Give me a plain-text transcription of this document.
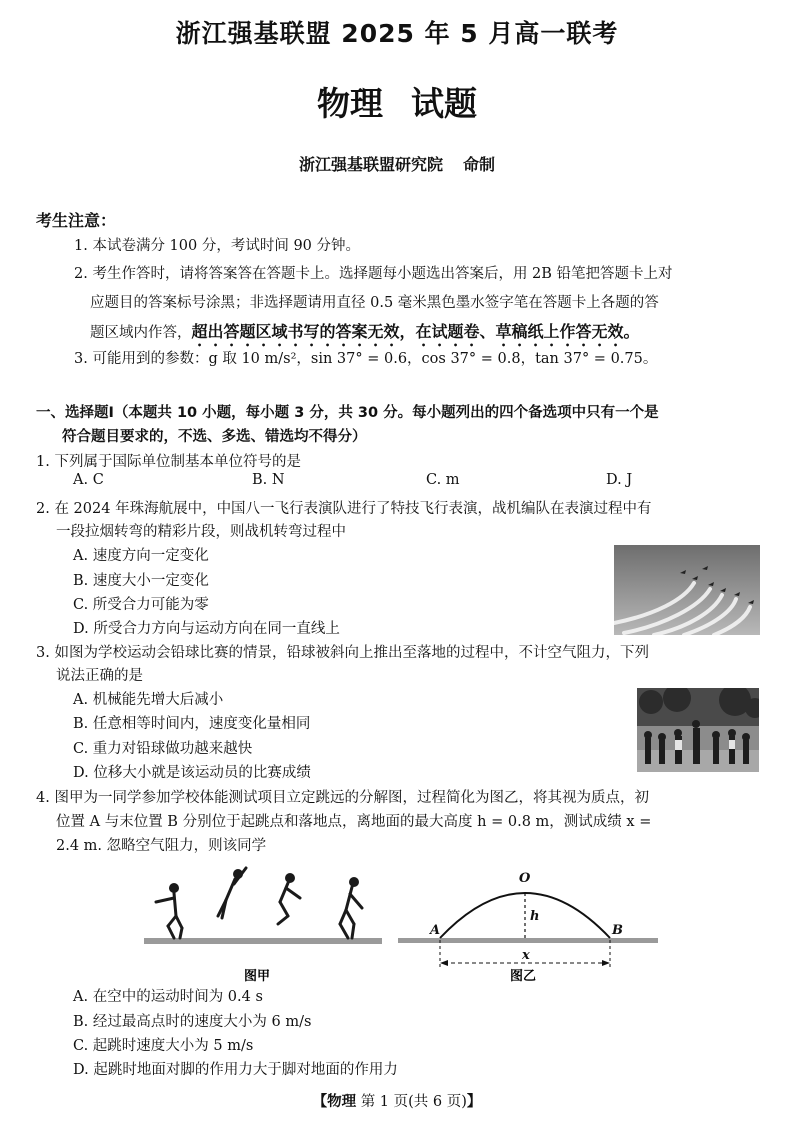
浙江强基联盟 2025 年 5 月高一联考
物理 试题
浙江强基联盟研究院 命制
考生注意：
1. 本试卷满分 100 分，考试时间 90 分钟。
2. 考生作答时，请将答案答在答题卡上。选择题每小题选出答案后，用 2B 铅笔把答题卡上对
应题目的答案标号涂黑；非选择题请用直径 0.5 毫米黑色墨水签字笔在答题卡上各题的答
题区域内作答，超出答题区域书写的答案无效，在试题卷、草稿纸上作答无效。
3. 可能用到的参数：g 取 10 m/s²，sin 37° = 0.6，cos 37° = 0.8，tan 37° = 0.75。
一、选择题Ⅰ（本题共 10 小题，每小题 3 分，共 30 分。每小题列出的四个备选项中只有一个是
符合题目要求的，不选、多选、错选均不得分）
1. 下列属于国际单位制基本单位符号的是
A. C	B. N	C. m	D. J
2. 在 2024 年珠海航展中，中国八一飞行表演队进行了特技飞行表演，战机编队在表演过程中有
一段拉烟转弯的精彩片段，则战机转弯过程中
A. 速度方向一定变化
B. 速度大小一定变化
C. 所受合力可能为零
D. 所受合力方向与运动方向在同一直线上
3. 如图为学校运动会铅球比赛的情景，铅球被斜向上推出至落地的过程中，不计空气阻力，下列
说法正确的是
A. 机械能先增大后减小
B. 任意相等时间内，速度变化量相同
C. 重力对铅球做功越来越快
D. 位移大小就是该运动员的比赛成绩
4. 图甲为一同学参加学校体能测试项目立定跳远的分解图，过程简化为图乙，将其视为质点，初
位置 A 与末位置 B 分别位于起跳点和落地点，离地面的最大高度 h = 0.8 m，测试成绩 x =
2.4 m. 忽略空气阻力，则该同学
图甲
O
h
A	B
x
图乙
A. 在空中的运动时间为 0.4 s
B. 经过最高点时的速度大小为 6 m/s
C. 起跳时速度大小为 5 m/s
D. 起跳时地面对脚的作用力大于脚对地面的作用力
【物理 第 1 页(共 6 页)】
